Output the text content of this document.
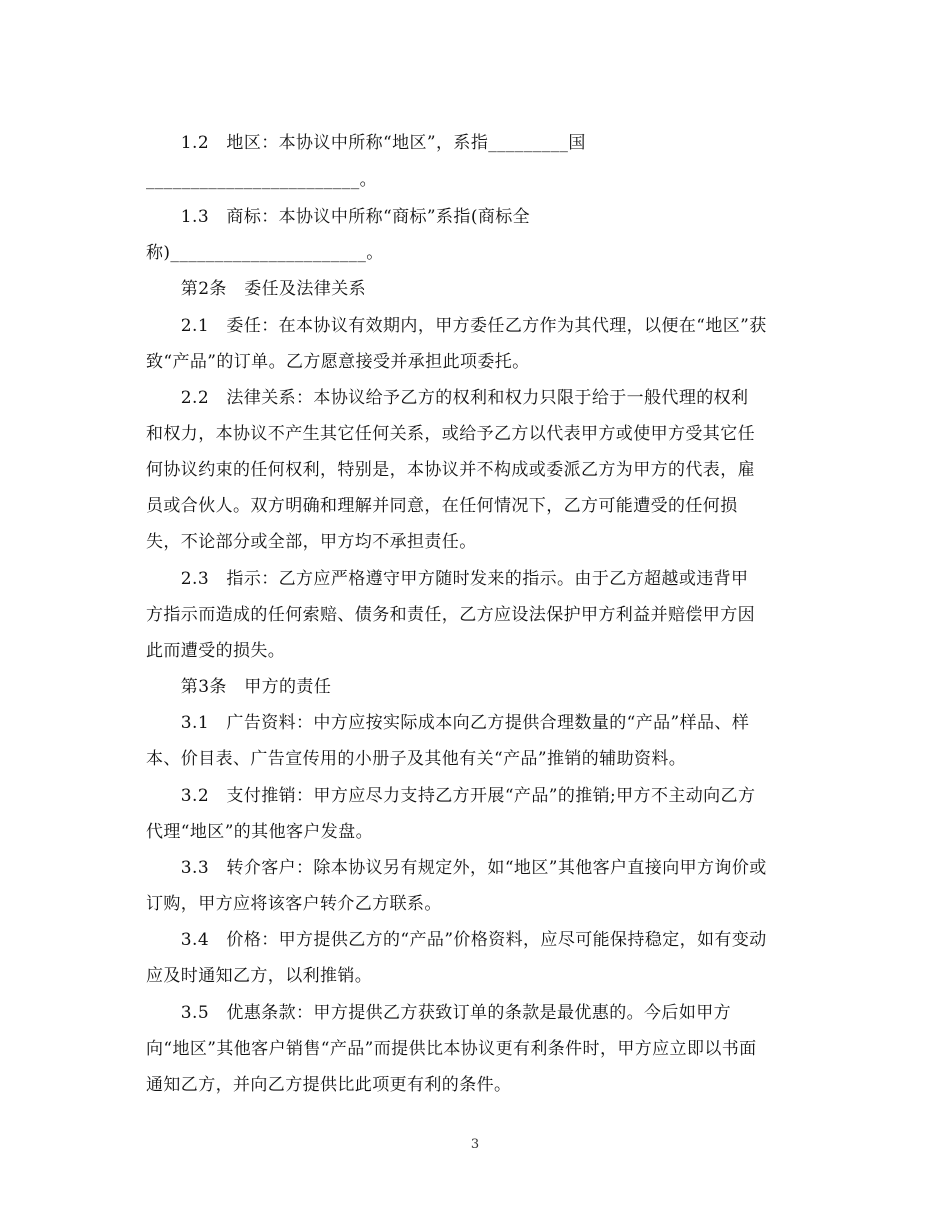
　　1.2　地区：本协议中所称“地区”，系指_________国
________________________。
　　1.3　商标：本协议中所称“商标”系指(商标全
称)______________________。
　　第2条　委任及法律关系
　　2.1　委任：在本协议有效期内，甲方委任乙方作为其代理，以便在“地区”获
致“产品”的订单。乙方愿意接受并承担此项委托。
　　2.2　法律关系：本协议给予乙方的权利和权力只限于给于一般代理的权利
和权力，本协议不产生其它任何关系，或给予乙方以代表甲方或使甲方受其它任
何协议约束的任何权利，特别是，本协议并不构成或委派乙方为甲方的代表，雇
员或合伙人。双方明确和理解并同意，在任何情况下，乙方可能遭受的任何损
失，不论部分或全部，甲方均不承担责任。
　　2.3　指示：乙方应严格遵守甲方随时发来的指示。由于乙方超越或违背甲
方指示而造成的任何索赔、债务和责任，乙方应设法保护甲方利益并赔偿甲方因
此而遭受的损失。
　　第3条　甲方的责任
　　3.1　广告资料：中方应按实际成本向乙方提供合理数量的“产品”样品、样
本、价目表、广告宣传用的小册子及其他有关“产品”推销的辅助资料。
　　3.2　支付推销：甲方应尽力支持乙方开展“产品”的推销;甲方不主动向乙方
代理“地区”的其他客户发盘。
　　3.3　转介客户：除本协议另有规定外，如“地区”其他客户直接向甲方询价或
订购，甲方应将该客户转介乙方联系。
　　3.4　价格：甲方提供乙方的“产品”价格资料，应尽可能保持稳定，如有变动
应及时通知乙方，以利推销。
　　3.5　优惠条款：甲方提供乙方获致订单的条款是最优惠的。今后如甲方
向“地区”其他客户销售“产品”而提供比本协议更有利条件时，甲方应立即以书面
通知乙方，并向乙方提供比此项更有利的条件。
3
